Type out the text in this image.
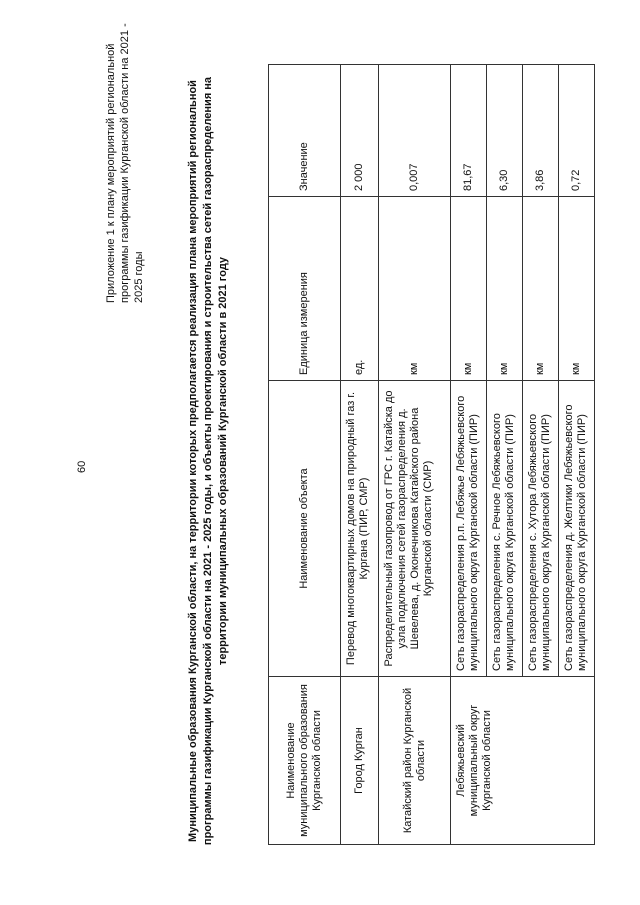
60
Приложение 1 к плану мероприятий региональной программы газификации Курганской области на 2021 - 2025 годы	Муниципальные образования Курганской области, на территории которых предполагается реализация плана мероприятий региональной программы газификации Курганской области на 2021 - 2025 годы, и объекты проектирования и строительства сетей газораспределения на территории муниципальных образований Курганской области в 2021 году
Наименование муниципального образования Курганской области	Наименование объекта	Единица измерения	Значение
Город Курган	Перевод многоквартирных домов на природный газ г. Кургана (ПИР, СМР)	ед.	2 000
Катайский район Курганской области	Распределительный газопровод от ГРС г. Катайска до узла подключения сетей газораспределения д. Шевелева, д. Оконечникова Катайского района Курганской области (СМР)	км	0,007
Лебяжьевский муниципальный округ Курганской области	Сеть газораспределения р.п. Лебяжье Лебяжьевского муниципального округа Курганской области (ПИР)	км	81,67
	Сеть газораспределения с. Речное Лебяжьевского муниципального округа Курганской области (ПИР)	км	6,30
	Сеть газораспределения с. Хутора Лебяжьевского муниципального округа Курганской области (ПИР)	км	3,86
	Сеть газораспределения д. Желтики Лебяжьевского муниципального округа Курганской области (ПИР)	км	0,72
